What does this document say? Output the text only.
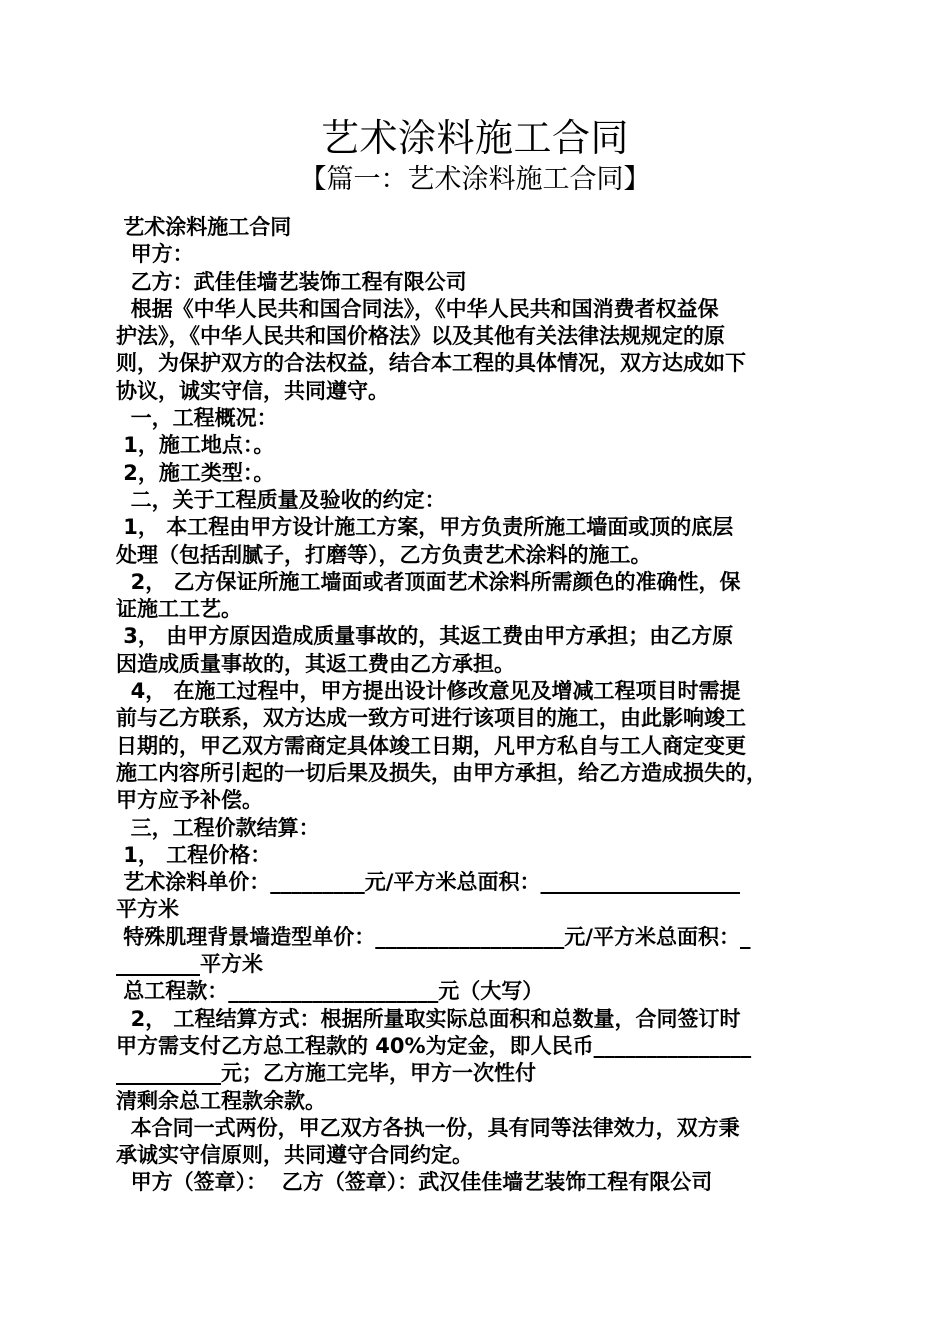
艺术涂料施工合同
【篇一：艺术涂料施工合同】
艺术涂料施工合同
甲方：
乙方：武佳佳墙艺装饰工程有限公司
根据《中华人民共和国合同法》，《中华人民共和国消费者权益保
护法》，《中华人民共和国价格法》以及其他有关法律法规规定的原
则，为保护双方的合法权益，结合本工程的具体情况，双方达成如下
协议，诚实守信，共同遵守。
一，工程概况：
1，施工地点：。
2，施工类型：。
二，关于工程质量及验收的约定：
1， 本工程由甲方设计施工方案，甲方负责所施工墙面或顶的底层
处理（包括刮腻子，打磨等），乙方负责艺术涂料的施工。
2， 乙方保证所施工墙面或者顶面艺术涂料所需颜色的准确性，保
证施工工艺。
3， 由甲方原因造成质量事故的，其返工费由甲方承担；由乙方原
因造成质量事故的，其返工费由乙方承担。
4， 在施工过程中，甲方提出设计修改意见及增减工程项目时需提
前与乙方联系，双方达成一致方可进行该项目的施工，由此影响竣工
日期的，甲乙双方需商定具体竣工日期，凡甲方私自与工人商定变更
施工内容所引起的一切后果及损失，由甲方承担，给乙方造成损失的，
甲方应予补偿。
三，工程价款结算：
1， 工程价格：
艺术涂料单价：_________元/平方米总面积：___________________
平方米
特殊肌理背景墙造型单价：__________________元/平方米总面积：_
________平方米
总工程款：____________________元（大写）
2， 工程结算方式：根据所量取实际总面积和总数量，合同签订时
甲方需支付乙方总工程款的 40%为定金，即人民币_______________
__________元；乙方施工完毕，甲方一次性付
清剩余总工程款余款。
本合同一式两份，甲乙双方各执一份，具有同等法律效力，双方秉
承诚实守信原则，共同遵守合同约定。
甲方（签章）：  乙方（签章）：武汉佳佳墙艺装饰工程有限公司
